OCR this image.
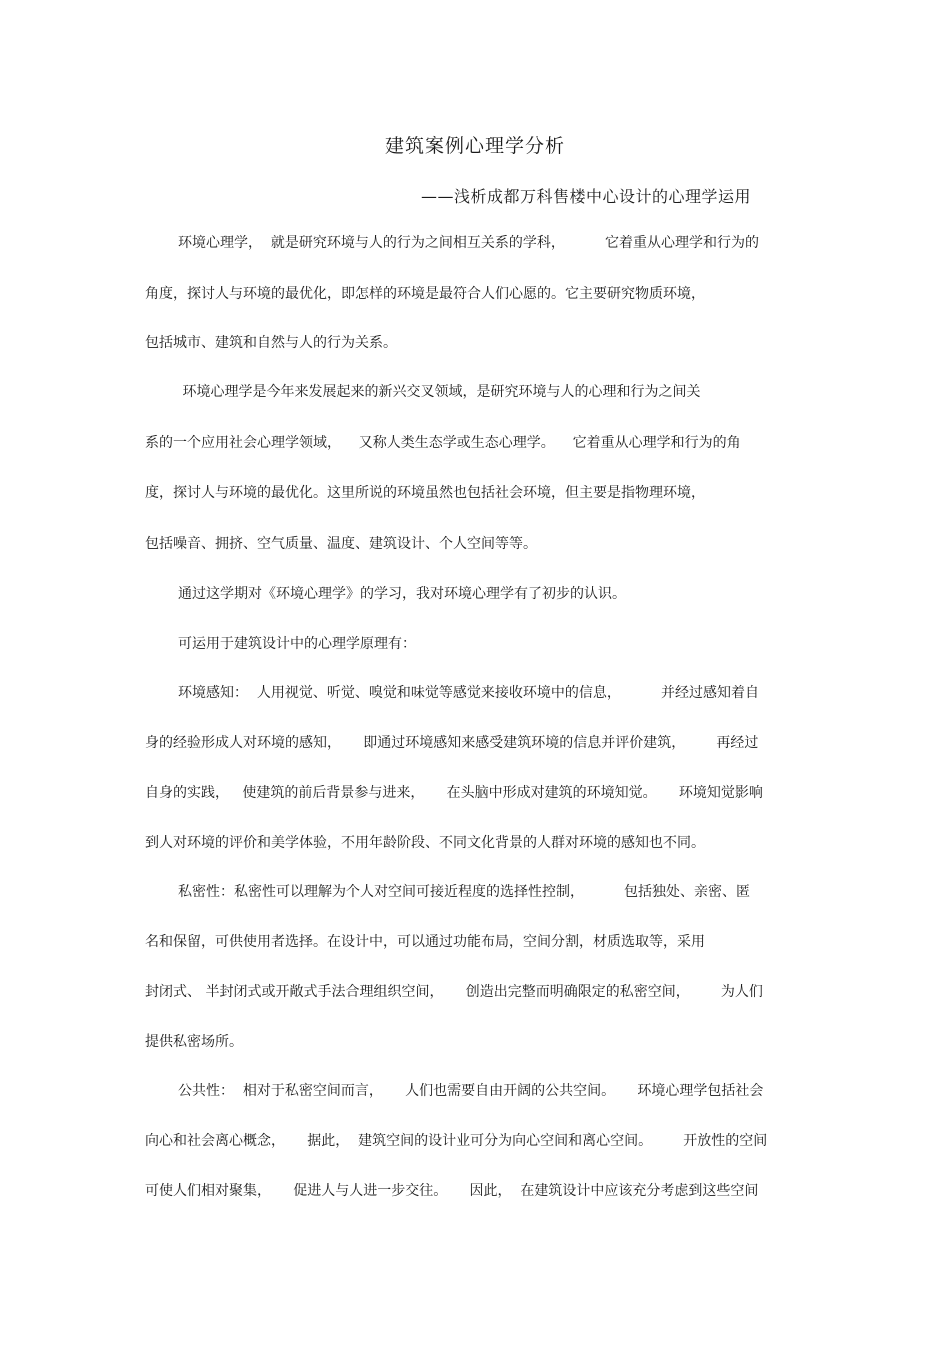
建筑案例心理学分析
——浅析成都万科售楼中心设计的心理学运用
环境心理学，  就是研究环境与人的行为之间相互关系的学科，         它着重从心理学和行为的
角度，探讨人与环境的最优化，即怎样的环境是最符合人们心愿的。它主要研究物质环境，
包括城市、建筑和自然与人的行为关系。
环境心理学是今年来发展起来的新兴交叉领域，是研究环境与人的心理和行为之间关
系的一个应用社会心理学领域，    又称人类生态学或生态心理学。    它着重从心理学和行为的角
度，探讨人与环境的最优化。这里所说的环境虽然也包括社会环境，但主要是指物理环境，
包括噪音、拥挤、空气质量、温度、建筑设计、个人空间等等。
通过这学期对《环境心理学》的学习，我对环境心理学有了初步的认识。
可运用于建筑设计中的心理学原理有：
环境感知：  人用视觉、听觉、嗅觉和味觉等感觉来接收环境中的信息，         并经过感知着自
身的经验形成人对环境的感知，     即通过环境感知来感受建筑环境的信息并评价建筑，       再经过
自身的实践，   使建筑的前后背景参与进来，     在头脑中形成对建筑的环境知觉。     环境知觉影响
到人对环境的评价和美学体验，不用年龄阶段、不同文化背景的人群对环境的感知也不同。
私密性：私密性可以理解为个人对空间可接近程度的选择性控制，         包括独处、亲密、匿
名和保留，可供使用者选择。在设计中，可以通过功能布局，空间分割，材质选取等，采用
封闭式、 半封闭式或开敞式手法合理组织空间，     创造出完整而明确限定的私密空间，       为人们
提供私密场所。
公共性：  相对于私密空间而言，     人们也需要自由开阔的公共空间。     环境心理学包括社会
向心和社会离心概念，     据此，  建筑空间的设计业可分为向心空间和离心空间。       开放性的空间
可使人们相对聚集，     促进人与人进一步交往。     因此，  在建筑设计中应该充分考虑到这些空间
